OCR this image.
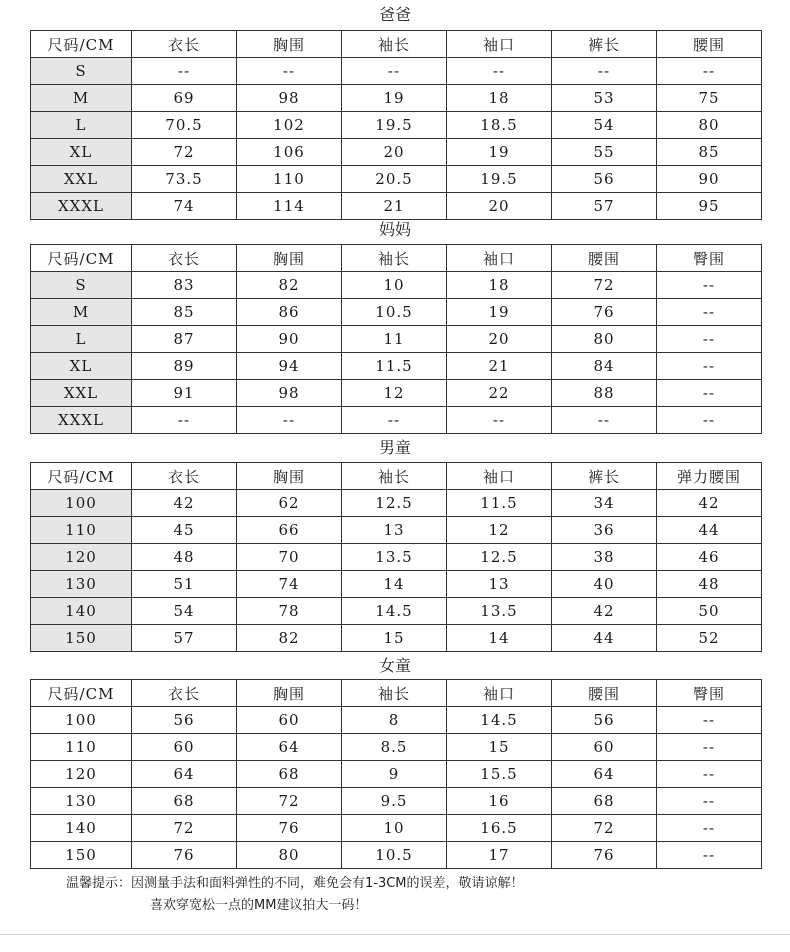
爸爸
尺码/CM	衣长	胸围	袖长	袖口	裤长	腰围
S	--	--	--	--	--	--
M	69	98	19	18	53	75
L	70.5	102	19.5	18.5	54	80
XL	72	106	20	19	55	85
XXL	73.5	110	20.5	19.5	56	90
XXXL	74	114	21	20	57	95
妈妈
尺码/CM	衣长	胸围	袖长	袖口	腰围	臀围
S	83	82	10	18	72	--
M	85	86	10.5	19	76	--
L	87	90	11	20	80	--
XL	89	94	11.5	21	84	--
XXL	91	98	12	22	88	--
XXXL	--	--	--	--	--	--
男童
尺码/CM	衣长	胸围	袖长	袖口	裤长	弹力腰围
100	42	62	12.5	11.5	34	42
110	45	66	13	12	36	44
120	48	70	13.5	12.5	38	46
130	51	74	14	13	40	48
140	54	78	14.5	13.5	42	50
150	57	82	15	14	44	52
女童
尺码/CM	衣长	胸围	袖长	袖口	腰围	臀围
100	56	60	8	14.5	56	--
110	60	64	8.5	15	60	--
120	64	68	9	15.5	64	--
130	68	72	9.5	16	68	--
140	72	76	10	16.5	72	--
150	76	80	10.5	17	76	--
温馨提示：因测量手法和面料弹性的不同，难免会有1-3CM的误差，敬请谅解！
喜欢穿宽松一点的MM建议拍大一码！
